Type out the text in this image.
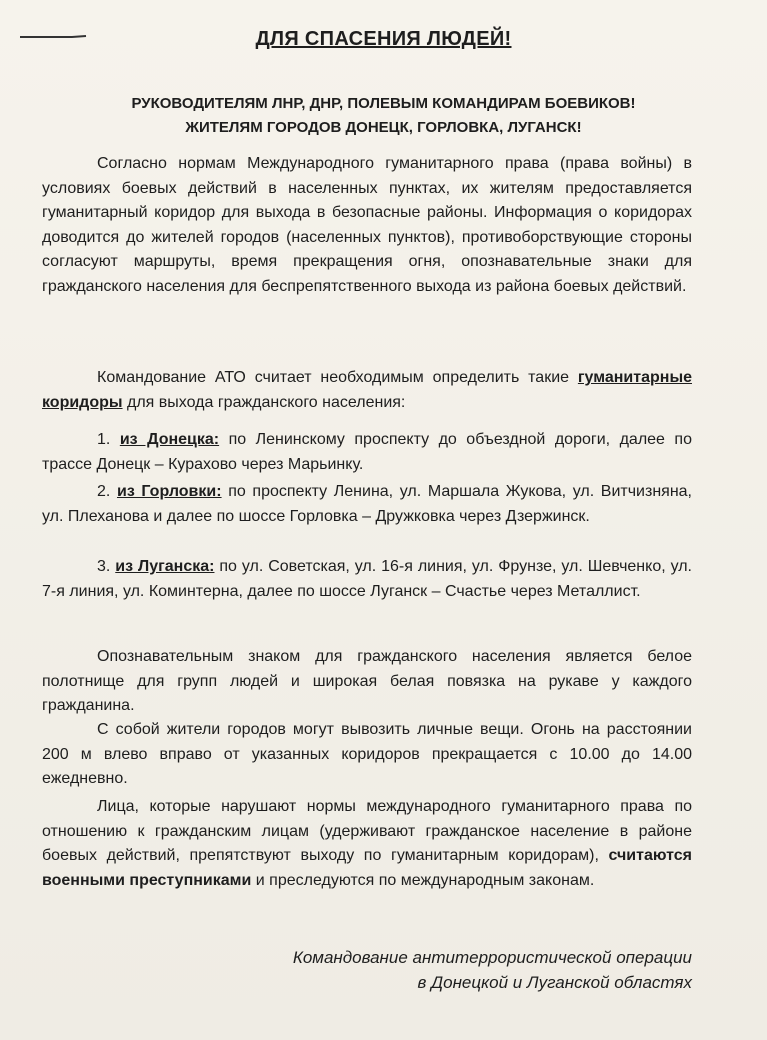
ДЛЯ СПАСЕНИЯ ЛЮДЕЙ!
РУКОВОДИТЕЛЯМ ЛНР, ДНР, ПОЛЕВЫМ КОМАНДИРАМ БОЕВИКОВ!
ЖИТЕЛЯМ ГОРОДОВ ДОНЕЦК, ГОРЛОВКА, ЛУГАНСК!
Согласно нормам Международного гуманитарного права (права войны) в условиях боевых действий в населенных пунктах, их жителям предоставляется гуманитарный коридор для выхода в безопасные районы. Информация о коридорах доводится до жителей городов (населенных пунктов), противоборствующие стороны согласуют маршруты, время прекращения огня, опознавательные знаки для гражданского населения для беспрепятственного выхода из района боевых действий.
Командование АТО считает необходимым определить такие гуманитарные коридоры для выхода гражданского населения:
1. из Донецка: по Ленинскому проспекту до объездной дороги, далее по трассе Донецк – Курахово через Марьинку.
2. из Горловки: по проспекту Ленина, ул. Маршала Жукова, ул. Витчизняна, ул. Плеханова и далее по шоссе Горловка – Дружковка через Дзержинск.
3. из Луганска: по ул. Советская, ул. 16-я линия, ул. Фрунзе, ул. Шевченко, ул. 7-я линия, ул. Коминтерна, далее по шоссе Луганск – Счастье через Металлист.
Опознавательным знаком для гражданского населения является белое полотнище для групп людей и широкая белая повязка на рукаве у каждого гражданина.
С собой жители городов могут вывозить личные вещи. Огонь на расстоянии 200 м влево вправо от указанных коридоров прекращается с 10.00 до 14.00 ежедневно.
Лица, которые нарушают нормы международного гуманитарного права по отношению к гражданским лицам (удерживают гражданское население в районе боевых действий, препятствуют выходу по гуманитарным коридорам), считаются военными преступниками и преследуются по международным законам.
Командование антитеррористической операции
в Донецкой и Луганской областях
